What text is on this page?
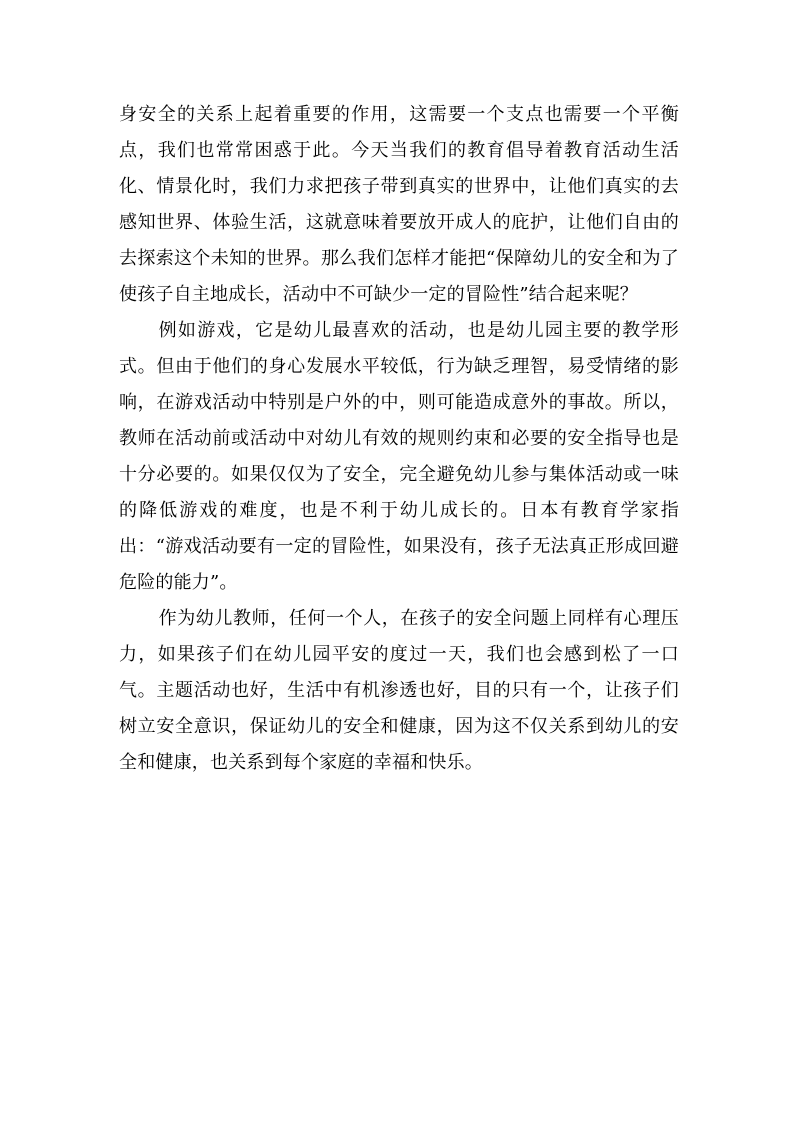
身安全的关系上起着重要的作用，这需要一个支点也需要一个平衡点，我们也常常困惑于此。今天当我们的教育倡导着教育活动生活化、情景化时，我们力求把孩子带到真实的世界中，让他们真实的去感知世界、体验生活，这就意味着要放开成人的庇护，让他们自由的去探索这个未知的世界。那么我们怎样才能把“保障幼儿的安全和为了使孩子自主地成长，活动中不可缺少一定的冒险性”结合起来呢？

例如游戏，它是幼儿最喜欢的活动，也是幼儿园主要的教学形式。但由于他们的身心发展水平较低，行为缺乏理智，易受情绪的影响，在游戏活动中特别是户外的中，则可能造成意外的事故。所以，教师在活动前或活动中对幼儿有效的规则约束和必要的安全指导也是十分必要的。如果仅仅为了安全，完全避免幼儿参与集体活动或一味的降低游戏的难度，也是不利于幼儿成长的。日本有教育学家指出：“游戏活动要有一定的冒险性，如果没有，孩子无法真正形成回避危险的能力”。

作为幼儿教师，任何一个人，在孩子的安全问题上同样有心理压力，如果孩子们在幼儿园平安的度过一天，我们也会感到松了一口气。主题活动也好，生活中有机渗透也好，目的只有一个，让孩子们树立安全意识，保证幼儿的安全和健康，因为这不仅关系到幼儿的安全和健康，也关系到每个家庭的幸福和快乐。
